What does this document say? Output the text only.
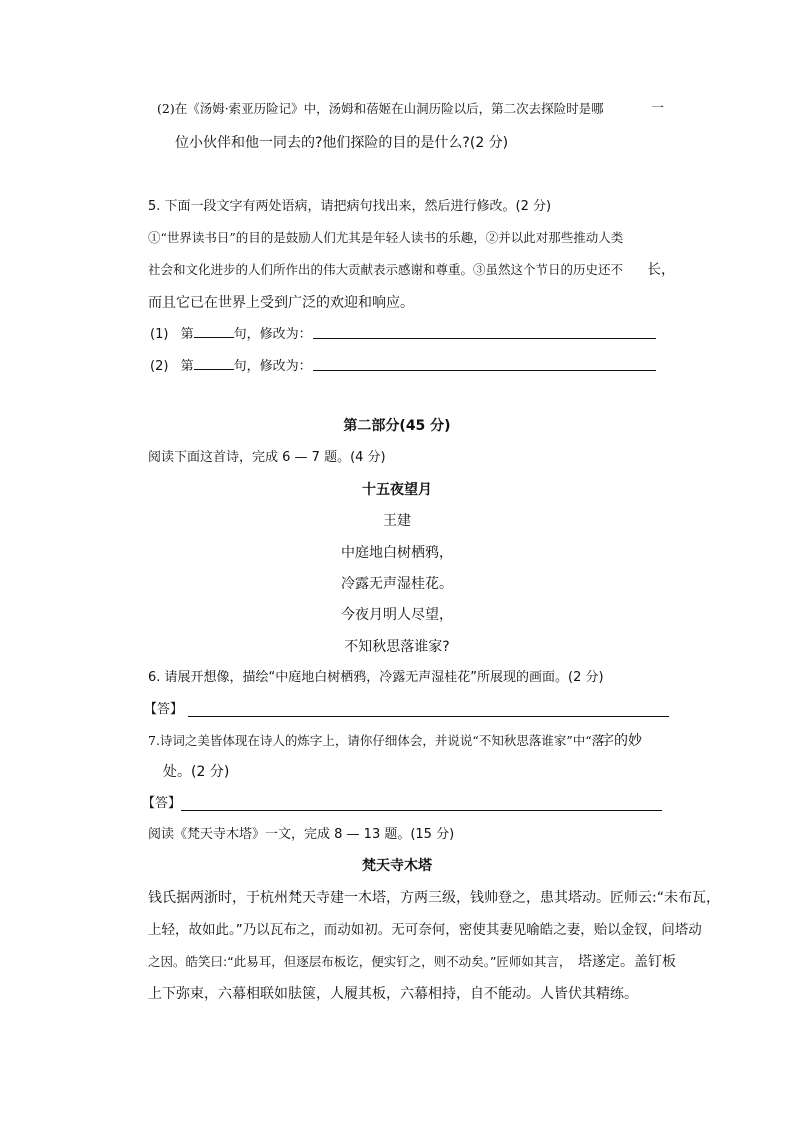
(2)在《汤姆·索亚历险记》中，汤姆和蓓姬在山洞历险以后，第二次去探险时是哪	一
位小伙伴和他一同去的?他们探险的目的是什么?(2 分)
5. 下面一段文字有两处语病，请把病句找出来，然后进行修改。(2 分)
①“世界读书日”的目的是鼓励人们尤其是年轻人读书的乐趣，②并以此对那些推动人类
社会和文化进步的人们所作出的伟大贡献表示感谢和尊重。③虽然这个节日的历史还不 长，
而且它已在世界上受到广泛的欢迎和响应。
(1) 第	句，修改为：
(2) 第	句，修改为：
第二部分(45 分)
阅读下面这首诗，完成 6 — 7 题。(4 分)
十五夜望月
王建
中庭地白树栖鸦，
冷露无声湿桂花。
今夜月明人尽望，
不知秋思落谁家?
6. 请展开想像，描绘“中庭地白树栖鸦，冷露无声湿桂花”所展现的画面。(2 分)
【答】
7.诗词之美皆体现在诗人的炼字上，请你仔细体会，并说说“不知秋思落谁家”中“落
字的妙
处。(2 分)
【答】
阅读《梵天寺木塔》一文，完成 8 — 13 题。(15 分)
梵天寺木塔
钱氏据两浙时，于杭州梵天寺建一木塔，方两三级，钱帅登之，患其塔动。匠师云:“未布瓦，
上轻，故如此。”乃以瓦布之，而动如初。无可奈何，密使其妻见喻皓之妻，贻以金钗，问塔动
之因。皓笑曰:“此易耳，但逐层布板讫，便实钉之，则不动矣。”匠师如其言， 塔遂定。盖钉板
上下弥束，六幕相联如胠箧，人履其板，六幕相持，自不能动。人皆伏其精练。
